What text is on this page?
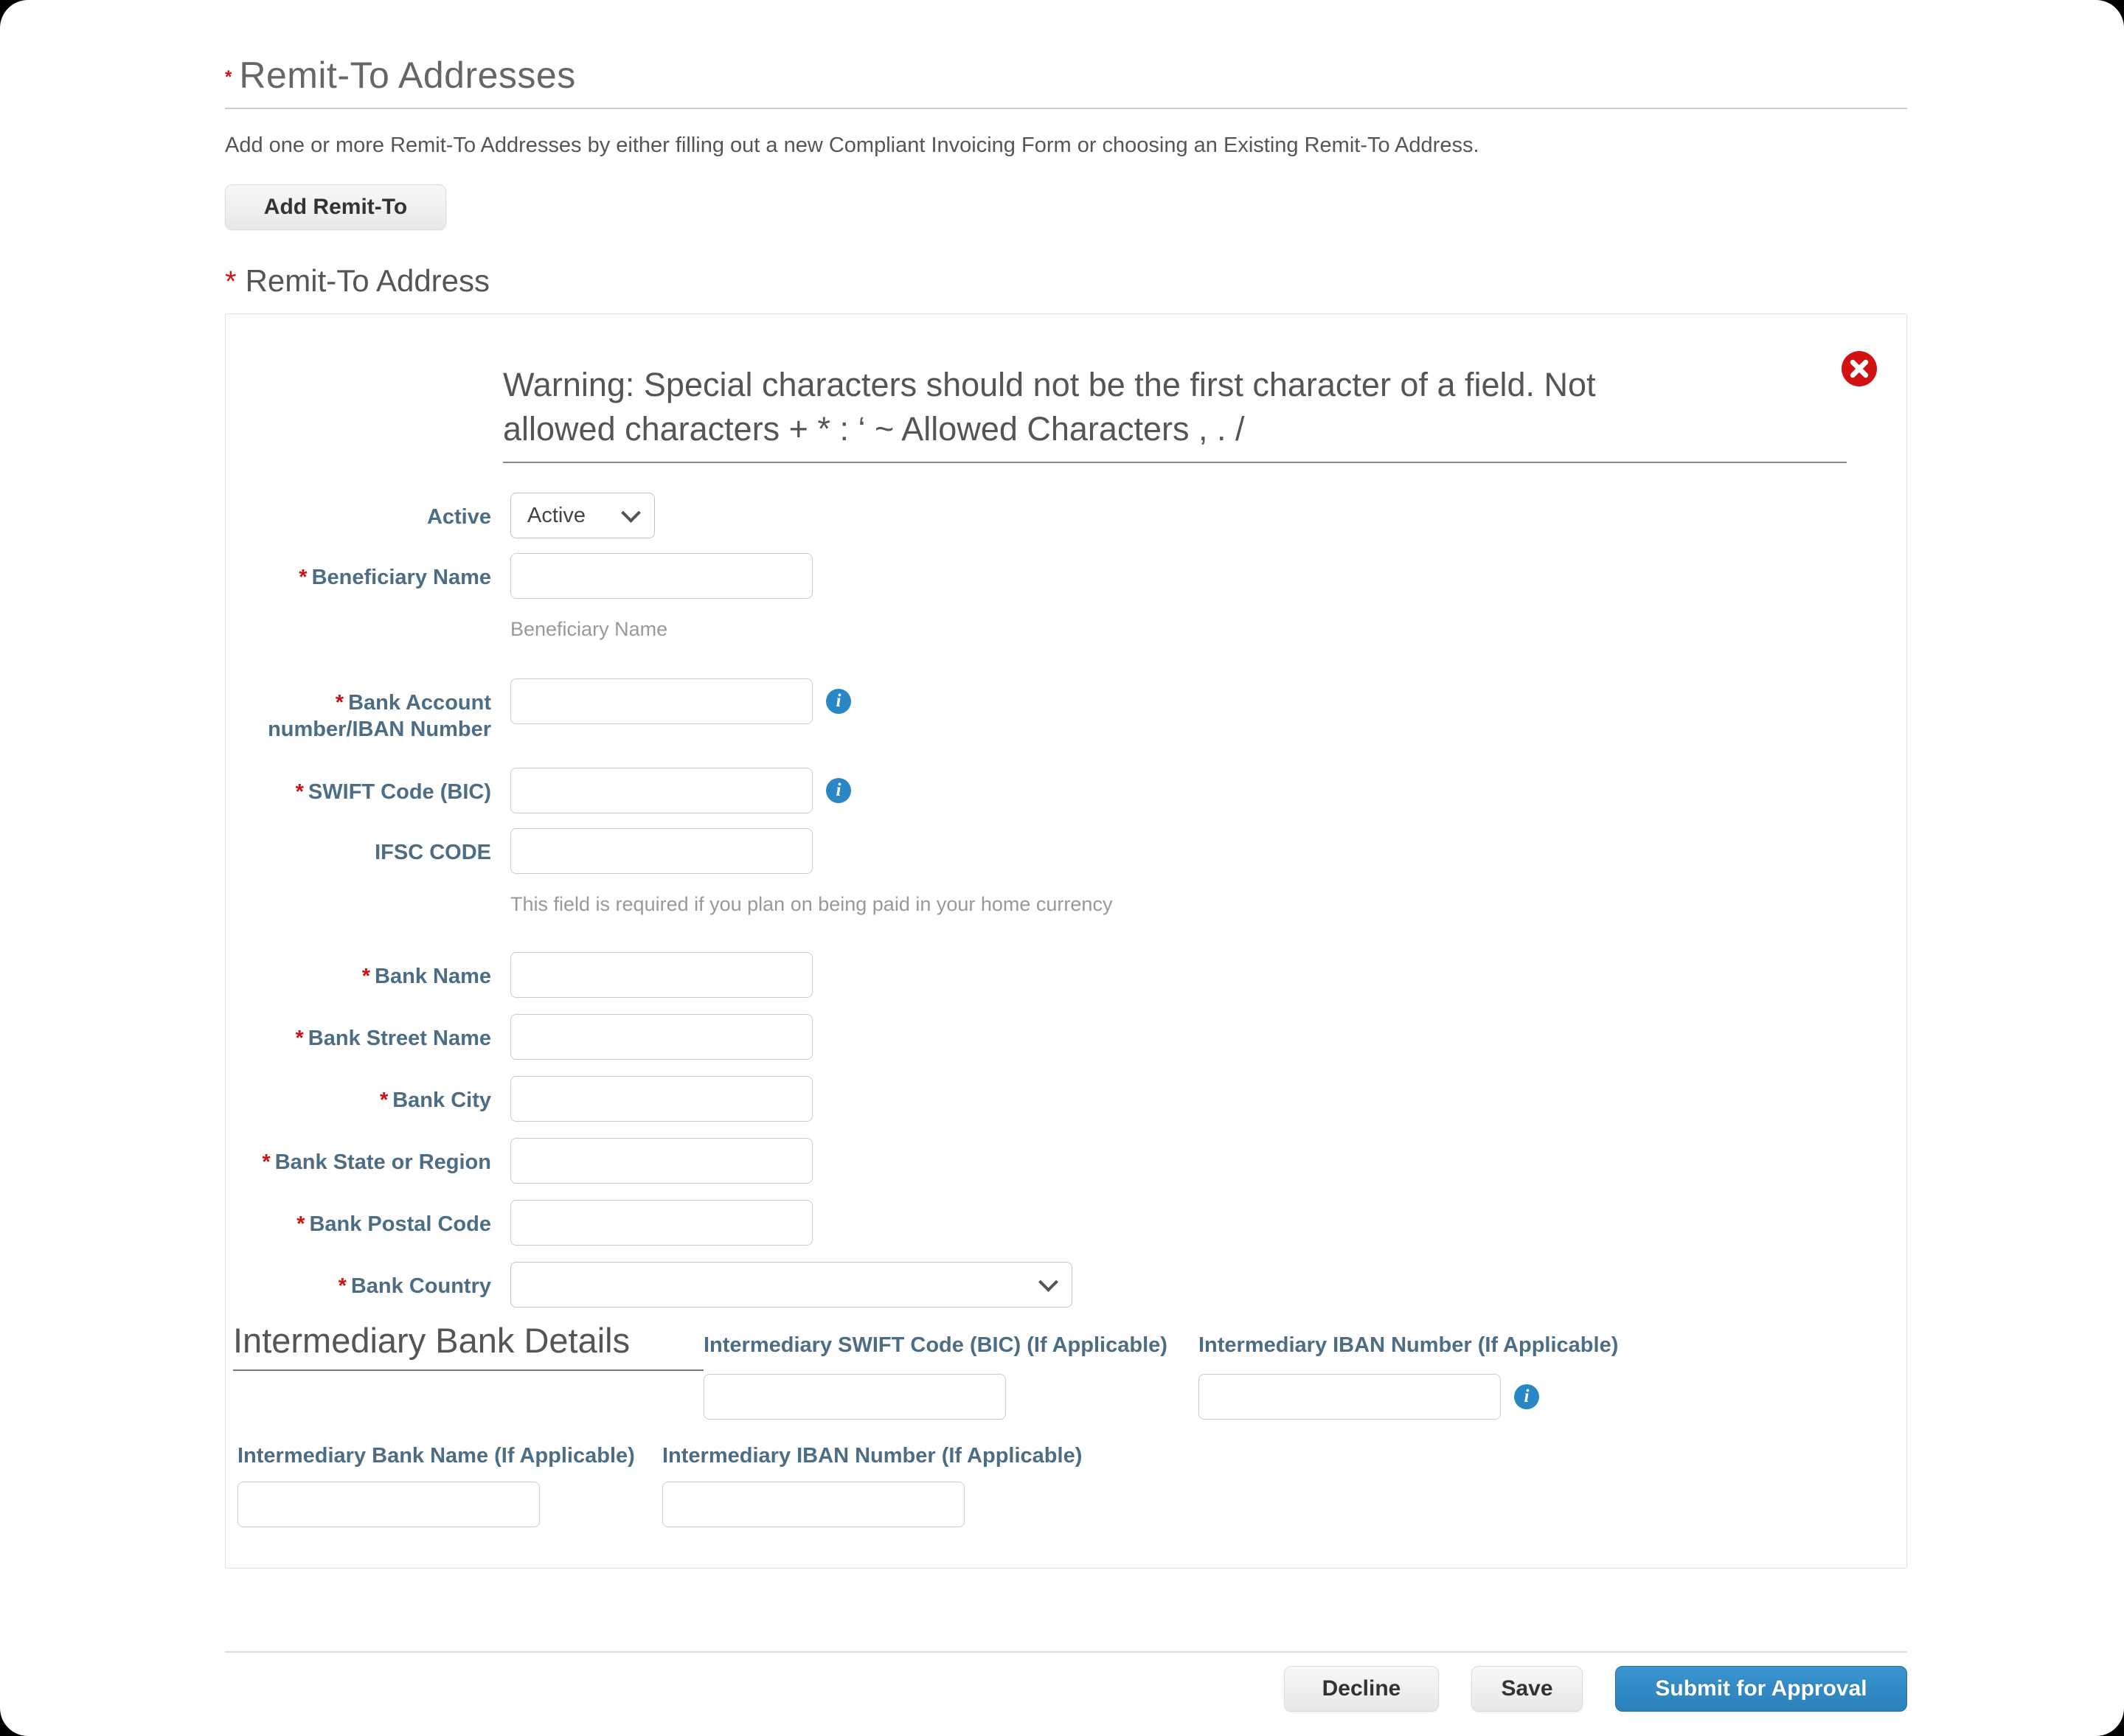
* Remit-To Addresses
Add one or more Remit-To Addresses by either filling out a new Compliant Invoicing Form or choosing an Existing Remit-To Address.
Add Remit-To
* Remit-To Address
Warning: Special characters should not be the first character of a field. Not
allowed characters + * : ‘ ~ Allowed Characters , . /
Active Active
* Beneficiary Name
Beneficiary Name
* Bank Account number/IBAN Number
i
* SWIFT Code (BIC)	i
IFSC CODE
This field is required if you plan on being paid in your home currency
* Bank Name
* Bank Street Name
* Bank City
* Bank State or Region
* Bank Postal Code
* Bank Country
Intermediary Bank Details	Intermediary SWIFT Code (BIC) (If Applicable)	Intermediary IBAN Number (If Applicable)
i
Intermediary Bank Name (If Applicable)	Intermediary IBAN Number (If Applicable)
Decline	Save	Submit for Approval
